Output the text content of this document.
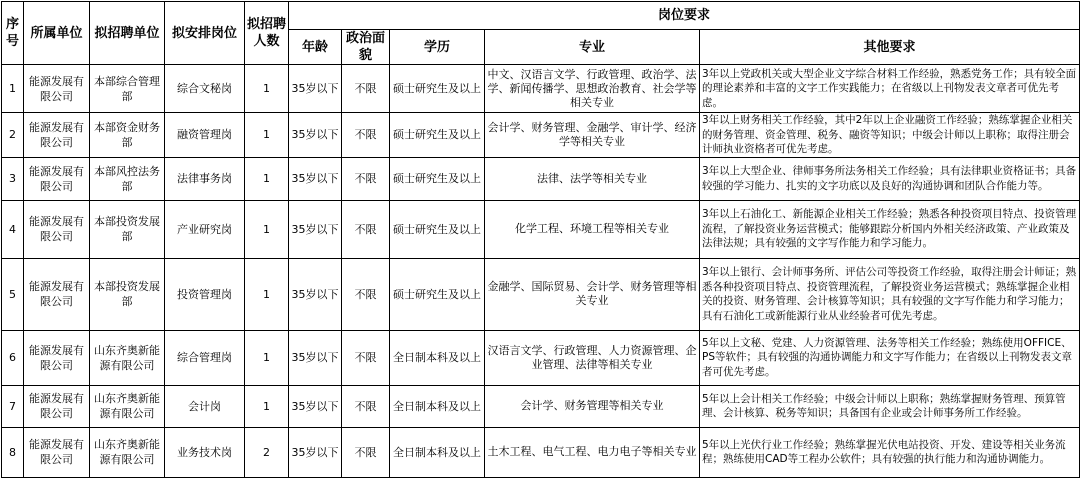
序号	所属单位	拟招聘单位	拟安排岗位	拟招聘人数	岗位要求				
					年龄	政治面貌	学历	专业	其他要求
1	能源发展有限公司	本部综合管理部	综合文秘岗	1	35岁以下	不限	硕士研究生及以上	中文、汉语言文学、行政管理、政治学、法学、新闻传播学、思想政治教育、社会学等相关专业	3年以上党政机关或大型企业文字综合材料工作经验，熟悉党务工作；具有较全面的理论素养和丰富的文字工作实践能力；在省级以上刊物发表文章者可优先考虑。
2	能源发展有限公司	本部资金财务部	融资管理岗	1	35岁以下	不限	硕士研究生及以上	会计学、财务管理、金融学、审计学、经济学等相关专业	3年以上财务相关工作经验，其中2年以上企业融资工作经验；熟练掌握企业相关的财务管理、资金管理、税务、融资等知识；中级会计师以上职称；取得注册会计师执业资格者可优先考虑。
3	能源发展有限公司	本部风控法务部	法律事务岗	1	35岁以下	不限	硕士研究生及以上	法律、法学等相关专业	3年以上大型企业、律师事务所法务相关工作经验；具有法律职业资格证书；具备较强的学习能力、扎实的文字功底以及良好的沟通协调和团队合作能力等。
4	能源发展有限公司	本部投资发展部	产业研究岗	1	35岁以下	不限	硕士研究生及以上	化学工程、环境工程等相关专业	3年以上石油化工、新能源企业相关工作经验；熟悉各种投资项目特点、投资管理流程，了解投资业务运营模式；能够跟踪分析国内外相关经济政策、产业政策及法律法规；具有较强的文字写作能力和学习能力。
5	能源发展有限公司	本部投资发展部	投资管理岗	1	35岁以下	不限	硕士研究生及以上	金融学、国际贸易、会计学、财务管理等相关专业	3年以上银行、会计师事务所、评估公司等投资工作经验，取得注册会计师证；熟悉各种投资项目特点、投资管理流程，了解投资业务运营模式；熟练掌握企业相关的投资、财务管理、会计核算等知识；具有较强的文字写作能力和学习能力；具有石油化工或新能源行业从业经验者可优先考虑。
6	能源发展有限公司	山东齐奥新能源有限公司	综合管理岗	1	35岁以下	不限	全日制本科及以上	汉语言文学、行政管理、人力资源管理、企业管理、法律等相关专业	5年以上文秘、党建、人力资源管理、法务等相关工作经验；熟练使用OFFICE、PS等软件；具有较强的沟通协调能力和文字写作能力；在省级以上刊物发表文章者可优先考虑。
7	能源发展有限公司	山东齐奥新能源有限公司	会计岗	1	35岁以下	不限	全日制本科及以上	会计学、财务管理等相关专业	5年以上会计相关工作经验；中级会计师以上职称；熟练掌握财务管理、预算管理、会计核算、税务等知识；具备国有企业或会计师事务所工作经验。
8	能源发展有限公司	山东齐奥新能源有限公司	业务技术岗	2	35岁以下	不限	全日制本科及以上	土木工程、电气工程、电力电子等相关专业	5年以上光伏行业工作经验；熟练掌握光伏电站投资、开发、建设等相关业务流程；熟练使用CAD等工程办公软件；具有较强的执行能力和沟通协调能力。
